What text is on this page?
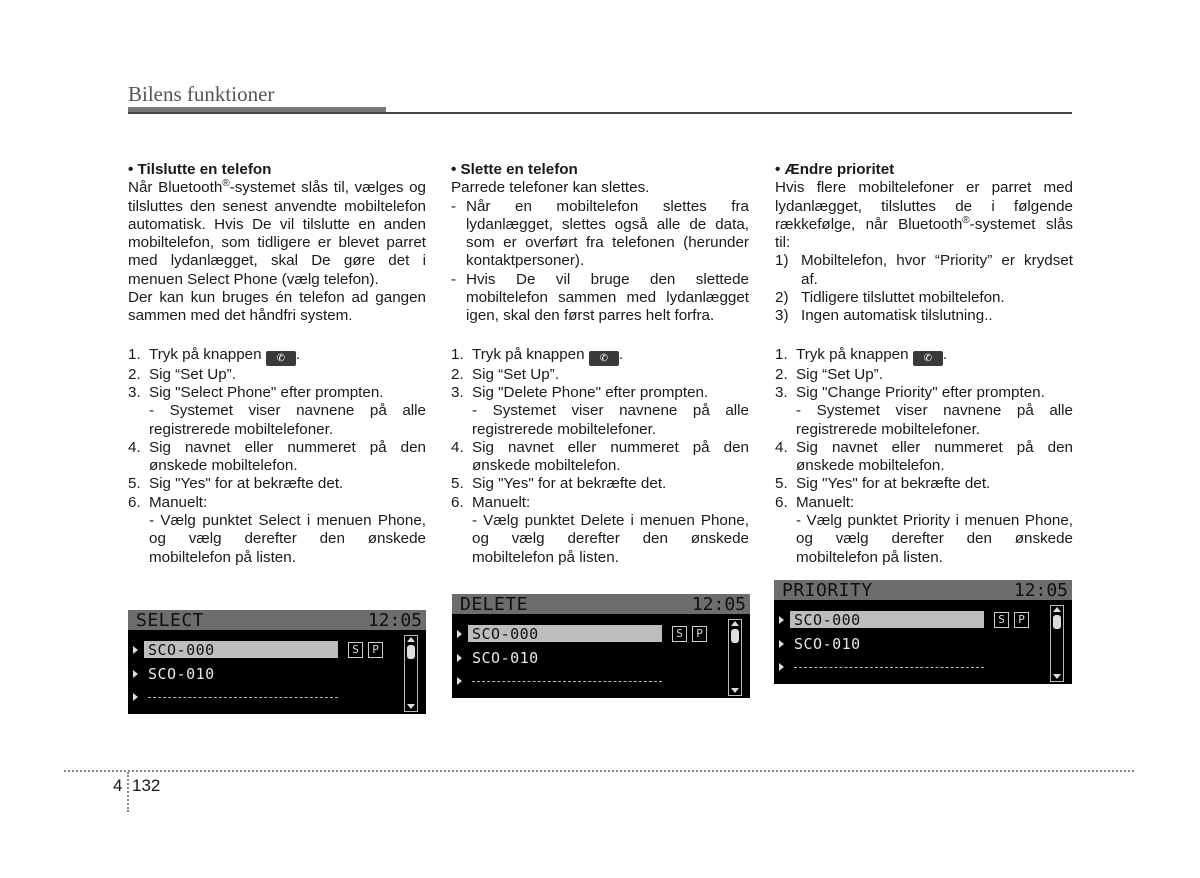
Bilens funktioner

• Tilslutte en telefon

Når Bluetooth®-systemet slås til, vælges og tilsluttes den senest anvendte mobiltelefon automatisk. Hvis De vil tilslutte en anden mobiltelefon, som tidligere er blevet parret med lydanlægget, skal De gøre det i menuen Select Phone (vælg telefon).

Der kan kun bruges én telefon ad gangen sammen med det håndfri system.

1. Tryk på knappen ✆ .
2. Sig “Set Up”.
3. Sig "Select Phone" efter prompten.
- Systemet viser navnene på alle registrerede mobiltelefoner.
4. Sig navnet eller nummeret på den ønskede mobiltelefon.
5. Sig "Yes" for at bekræfte det.
6. Manuelt:
- Vælg punktet Select i menuen Phone, og vælg derefter den ønskede mobiltelefon på listen.

• Slette en telefon

Parrede telefoner kan slettes.

- Når en mobiltelefon slettes fra lydanlægget, slettes også alle de data, som er overført fra telefonen (herunder kontaktpersoner).
- Hvis De vil bruge den slettede mobiltelefon sammen med lydanlægget igen, skal den først parres helt forfra.
1. Tryk på knappen ✆ .
2. Sig “Set Up”.
3. Sig "Delete Phone" efter prompten.
- Systemet viser navnene på alle registrerede mobiltelefoner.
4. Sig navnet eller nummeret på den ønskede mobiltelefon.
5. Sig "Yes" for at bekræfte det.
6. Manuelt:
- Vælg punktet Delete i menuen Phone, og vælg derefter den ønskede mobiltelefon på listen.

• Ændre prioritet

Hvis flere mobiltelefoner er parret med lydanlægget, tilsluttes de i følgende rækkefølge, når Bluetooth®-systemet slås til:

1) Mobiltelefon, hvor “Priority” er krydset af.
2) Tidligere tilsluttet mobiltelefon.
3) Ingen automatisk tilslutning..
1. Tryk på knappen ✆ .
2. Sig “Set Up”.
3. Sig "Change Priority" efter prompten.
- Systemet viser navnene på alle registrerede mobiltelefoner.
4. Sig navnet eller nummeret på den ønskede mobiltelefon.
5. Sig "Yes" for at bekræfte det.
6. Manuelt:
- Vælg punktet Priority i menuen Phone, og vælg derefter den ønskede mobiltelefon på listen.
SELECT	12:05
SCO-000	S	P
SCO-010
DELETE	12:05
SCO-000	S	P
SCO-010
PRIORITY	12:05
SCO-000	S	P
SCO-010
4 132
